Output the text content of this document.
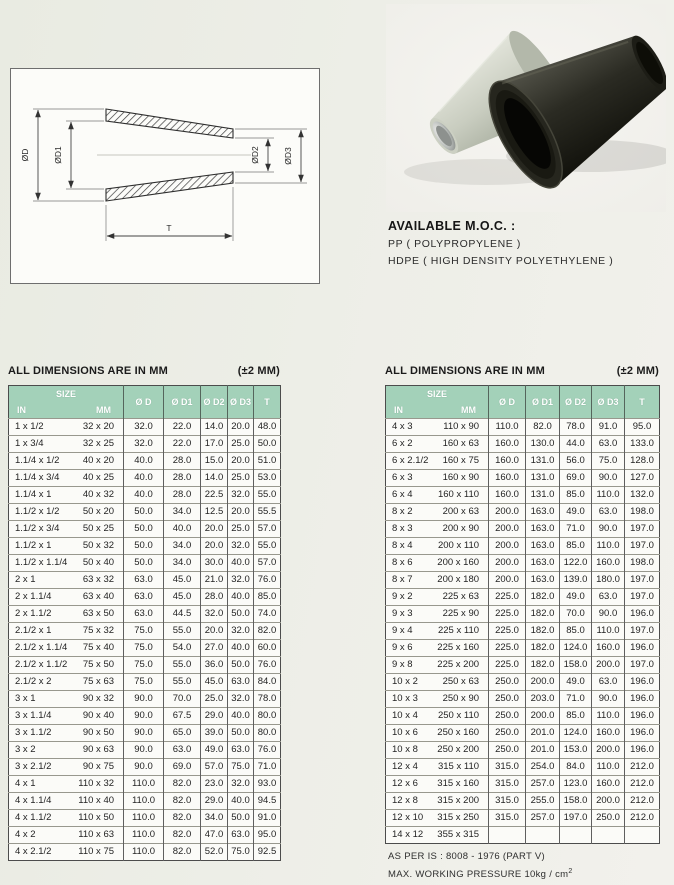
ØD	ØD1	ØD2	ØD3
T	AVAILABLE M.O.C. :
PP ( POLYPROPYLENE )
HDPE ( HIGH DENSITY POLYETHYLENE )
ALL DIMENSIONS ARE IN MM	(±2 MM)
SIZE		Ø D	Ø D1	Ø D2	Ø D3	T
IN	MM					
1 x 1/2	32 x 20	32.0	22.0	14.0	20.0	48.0
1 x 3/4	32 x 25	32.0	22.0	17.0	25.0	50.0
1.1/4 x 1/2	40 x 20	40.0	28.0	15.0	20.0	51.0
1.1/4 x 3/4	40 x 25	40.0	28.0	14.0	25.0	53.0
1.1/4 x 1	40 x 32	40.0	28.0	22.5	32.0	55.0
1.1/2 x 1/2	50 x 20	50.0	34.0	12.5	20.0	55.5
1.1/2 x 3/4	50 x 25	50.0	40.0	20.0	25.0	57.0
1.1/2 x 1	50 x 32	50.0	34.0	20.0	32.0	55.0
1.1/2 x 1.1/4	50 x 40	50.0	34.0	30.0	40.0	57.0
2 x 1	63 x 32	63.0	45.0	21.0	32.0	76.0
2 x 1.1/4	63 x 40	63.0	45.0	28.0	40.0	85.0
2 x 1.1/2	63 x 50	63.0	44.5	32.0	50.0	74.0
2.1/2 x 1	75 x 32	75.0	55.0	20.0	32.0	82.0
2.1/2 x 1.1/4	75 x 40	75.0	54.0	27.0	40.0	60.0
2.1/2 x 1.1/2	75 x 50	75.0	55.0	36.0	50.0	76.0
2.1/2 x 2	75 x 63	75.0	55.0	45.0	63.0	84.0
3 x 1	90 x 32	90.0	70.0	25.0	32.0	78.0
3 x 1.1/4	90 x 40	90.0	67.5	29.0	40.0	80.0
3 x 1.1/2	90 x 50	90.0	65.0	39.0	50.0	80.0
3 x 2	90 x 63	90.0	63.0	49.0	63.0	76.0
3 x 2.1/2	90 x 75	90.0	69.0	57.0	75.0	71.0
4 x 1	110 x 32	110.0	82.0	23.0	32.0	93.0
4 x 1.1/4	110 x 40	110.0	82.0	29.0	40.0	94.5
4 x 1.1/2	110 x 50	110.0	82.0	34.0	50.0	91.0
4 x 2	110 x 63	110.0	82.0	47.0	63.0	95.0
4 x 2.1/2	110 x 75	110.0	82.0	52.0	75.0	92.5
ALL DIMENSIONS ARE IN MM	(±2 MM)
SIZE		Ø D	Ø D1	Ø D2	Ø D3	T
IN	MM					
4 x 3	110 x 90	110.0	82.0	78.0	91.0	95.0
6 x 2	160 x 63	160.0	130.0	44.0	63.0	133.0
6 x 2.1/2	160 x 75	160.0	131.0	56.0	75.0	128.0
6 x 3	160 x 90	160.0	131.0	69.0	90.0	127.0
6 x 4	160 x 110	160.0	131.0	85.0	110.0	132.0
8 x 2	200 x 63	200.0	163.0	49.0	63.0	198.0
8 x 3	200 x 90	200.0	163.0	71.0	90.0	197.0
8 x 4	200 x 110	200.0	163.0	85.0	110.0	197.0
8 x 6	200 x 160	200.0	163.0	122.0	160.0	198.0
8 x 7	200 x 180	200.0	163.0	139.0	180.0	197.0
9 x 2	225 x 63	225.0	182.0	49.0	63.0	197.0
9 x 3	225 x 90	225.0	182.0	70.0	90.0	196.0
9 x 4	225 x 110	225.0	182.0	85.0	110.0	197.0
9 x 6	225 x 160	225.0	182.0	124.0	160.0	196.0
9 x 8	225 x 200	225.0	182.0	158.0	200.0	197.0
10 x 2	250 x 63	250.0	200.0	49.0	63.0	196.0
10 x 3	250 x 90	250.0	203.0	71.0	90.0	196.0
10 x 4	250 x 110	250.0	200.0	85.0	110.0	196.0
10 x 6	250 x 160	250.0	201.0	124.0	160.0	196.0
10 x 8	250 x 200	250.0	201.0	153.0	200.0	196.0
12 x 4	315 x 110	315.0	254.0	84.0	110.0	212.0
12 x 6	315 x 160	315.0	257.0	123.0	160.0	212.0
12 x 8	315 x 200	315.0	255.0	158.0	200.0	212.0
12 x 10	315 x 250	315.0	257.0	197.0	250.0	212.0
14 x 12	355 x 315					
AS PER IS : 8008 - 1976 (PART V)
MAX. WORKING PRESSURE $10kg / cm^2$
